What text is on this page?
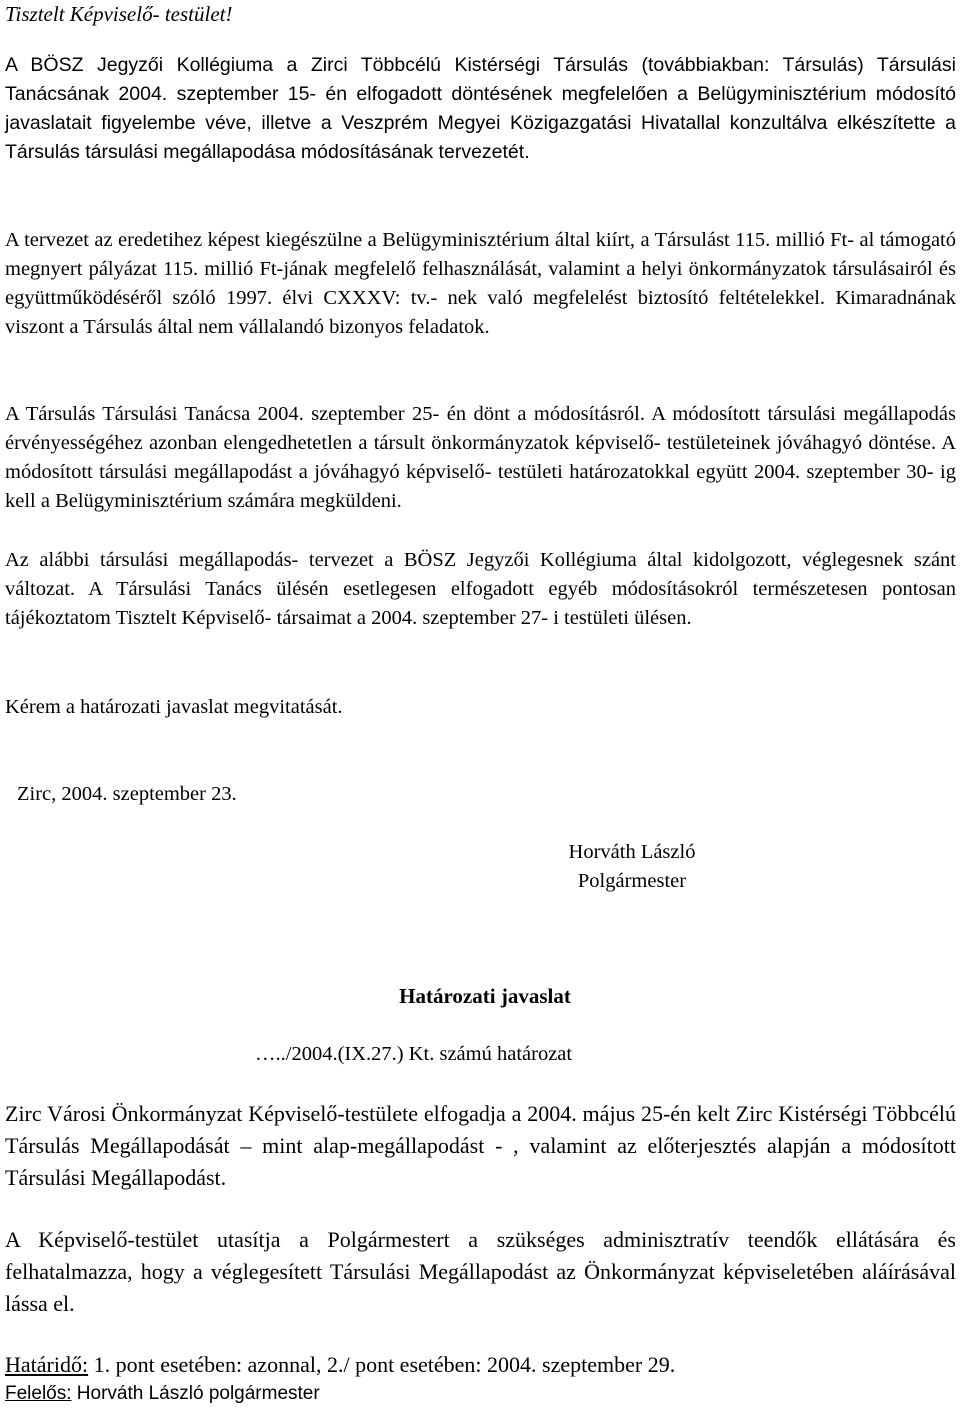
Tisztelt Képviselő- testület!

A BÖSZ Jegyzői Kollégiuma a Zirci Többcélú Kistérségi Társulás (továbbiakban: Társulás) Társulási Tanácsának 2004. szeptember 15- én elfogadott döntésének megfelelően a Belügyminisztérium módosító javaslatait figyelembe véve, illetve a Veszprém Megyei Közigazgatási Hivatallal konzultálva elkészítette a Társulás társulási megállapodása módosításának tervezetét.

A tervezet az eredetihez képest kiegészülne a Belügyminisztérium által kiírt, a Társulást 115. millió Ft- al támogató megnyert pályázat 115. millió Ft-jának megfelelő felhasználását, valamint a helyi önkormányzatok társulásairól és együttműködéséről szóló 1997. élvi CXXXV: tv.- nek való megfelelést biztosító feltételekkel. Kimaradnának viszont a Társulás által nem vállalandó bizonyos feladatok.

A Társulás Társulási Tanácsa 2004. szeptember 25- én dönt a módosításról. A módosított társulási megállapodás érvényességéhez azonban elengedhetetlen a társult önkormányzatok képviselő- testületeinek jóváhagyó döntése. A módosított társulási megállapodást a jóváhagyó képviselő- testületi határozatokkal együtt 2004. szeptember 30- ig kell a Belügyminisztérium számára megküldeni.

Az alábbi társulási megállapodás- tervezet a BÖSZ Jegyzői Kollégiuma által kidolgozott, véglegesnek szánt változat. A Társulási Tanács ülésén esetlegesen elfogadott egyéb módosításokról természetesen pontosan tájékoztatom Tisztelt Képviselő- társaimat a 2004. szeptember 27- i testületi ülésen.

Kérem a határozati javaslat megvitatását.

Zirc, 2004. szeptember 23.
Horváth László
Polgármester
Határozati javaslat
…../2004.(IX.27.) Kt. számú határozat

Zirc Városi Önkormányzat Képviselő-testülete elfogadja a 2004. május 25-én kelt Zirc Kistérségi Többcélú Társulás Megállapodását – mint alap-megállapodást - , valamint az előterjesztés alapján a módosított Társulási Megállapodást.

A Képviselő-testület utasítja a Polgármestert a szükséges adminisztratív teendők ellátására és felhatalmazza, hogy a véglegesített Társulási Megállapodást az Önkormányzat képviseletében aláírásával lássa el.

Határidő: 1. pont esetében: azonnal, 2./ pont esetében: 2004. szeptember 29.
Felelős: Horváth László polgármester
